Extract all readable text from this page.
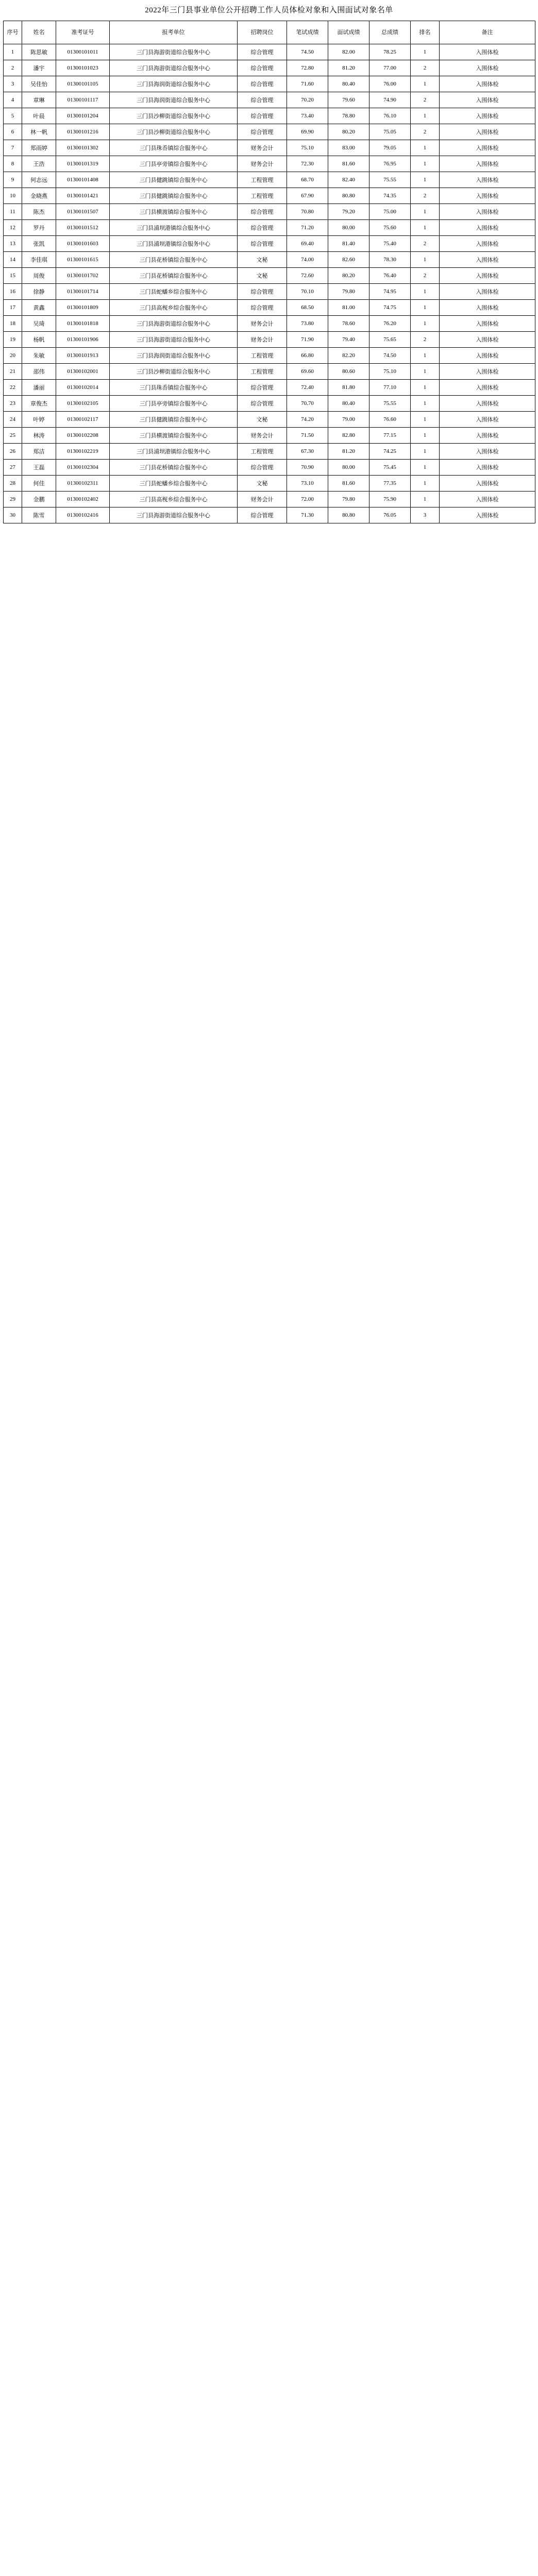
2022年三门县事业单位公开招聘工作人员体检对象和入围面试对象名单
序号	姓名	准考证号	报考单位	招聘岗位	笔试成绩	面试成绩	总成绩	排名	备注
1	陈思敏	01300101011	三门县海游街道综合服务中心	综合管理	74.50	82.00	78.25	1	入围体检
2	潘宇	01300101023	三门县海游街道综合服务中心	综合管理	72.80	81.20	77.00	2	入围体检
3	吴佳怡	01300101105	三门县海润街道综合服务中心	综合管理	71.60	80.40	76.00	1	入围体检
4	章琳	01300101117	三门县海润街道综合服务中心	综合管理	70.20	79.60	74.90	2	入围体检
5	叶晨	01300101204	三门县沙柳街道综合服务中心	综合管理	73.40	78.80	76.10	1	入围体检
6	林一帆	01300101216	三门县沙柳街道综合服务中心	综合管理	69.90	80.20	75.05	2	入围体检
7	郑雨婷	01300101302	三门县珠岙镇综合服务中心	财务会计	75.10	83.00	79.05	1	入围体检
8	王浩	01300101319	三门县亭旁镇综合服务中心	财务会计	72.30	81.60	76.95	1	入围体检
9	何志远	01300101408	三门县健跳镇综合服务中心	工程管理	68.70	82.40	75.55	1	入围体检
10	金晓燕	01300101421	三门县健跳镇综合服务中心	工程管理	67.90	80.80	74.35	2	入围体检
11	陈杰	01300101507	三门县横渡镇综合服务中心	综合管理	70.80	79.20	75.00	1	入围体检
12	罗丹	01300101512	三门县浦坝港镇综合服务中心	综合管理	71.20	80.00	75.60	1	入围体检
13	张凯	01300101603	三门县浦坝港镇综合服务中心	综合管理	69.40	81.40	75.40	2	入围体检
14	李佳琪	01300101615	三门县花桥镇综合服务中心	文秘	74.00	82.60	78.30	1	入围体检
15	周俊	01300101702	三门县花桥镇综合服务中心	文秘	72.60	80.20	76.40	2	入围体检
16	徐静	01300101714	三门县蛇蟠乡综合服务中心	综合管理	70.10	79.80	74.95	1	入围体检
17	黄鑫	01300101809	三门县高枧乡综合服务中心	综合管理	68.50	81.00	74.75	1	入围体检
18	吴琦	01300101818	三门县海游街道综合服务中心	财务会计	73.80	78.60	76.20	1	入围体检
19	杨帆	01300101906	三门县海游街道综合服务中心	财务会计	71.90	79.40	75.65	2	入围体检
20	朱敏	01300101913	三门县海润街道综合服务中心	工程管理	66.80	82.20	74.50	1	入围体检
21	邵伟	01300102001	三门县沙柳街道综合服务中心	工程管理	69.60	80.60	75.10	1	入围体检
22	潘丽	01300102014	三门县珠岙镇综合服务中心	综合管理	72.40	81.80	77.10	1	入围体检
23	章俊杰	01300102105	三门县亭旁镇综合服务中心	综合管理	70.70	80.40	75.55	1	入围体检
24	叶婷	01300102117	三门县健跳镇综合服务中心	文秘	74.20	79.00	76.60	1	入围体检
25	林涛	01300102208	三门县横渡镇综合服务中心	财务会计	71.50	82.80	77.15	1	入围体检
26	郑洁	01300102219	三门县浦坝港镇综合服务中心	工程管理	67.30	81.20	74.25	1	入围体检
27	王磊	01300102304	三门县花桥镇综合服务中心	综合管理	70.90	80.00	75.45	1	入围体检
28	何佳	01300102311	三门县蛇蟠乡综合服务中心	文秘	73.10	81.60	77.35	1	入围体检
29	金鹏	01300102402	三门县高枧乡综合服务中心	财务会计	72.00	79.80	75.90	1	入围体检
30	陈雪	01300102416	三门县海游街道综合服务中心	综合管理	71.30	80.80	76.05	3	入围体检
